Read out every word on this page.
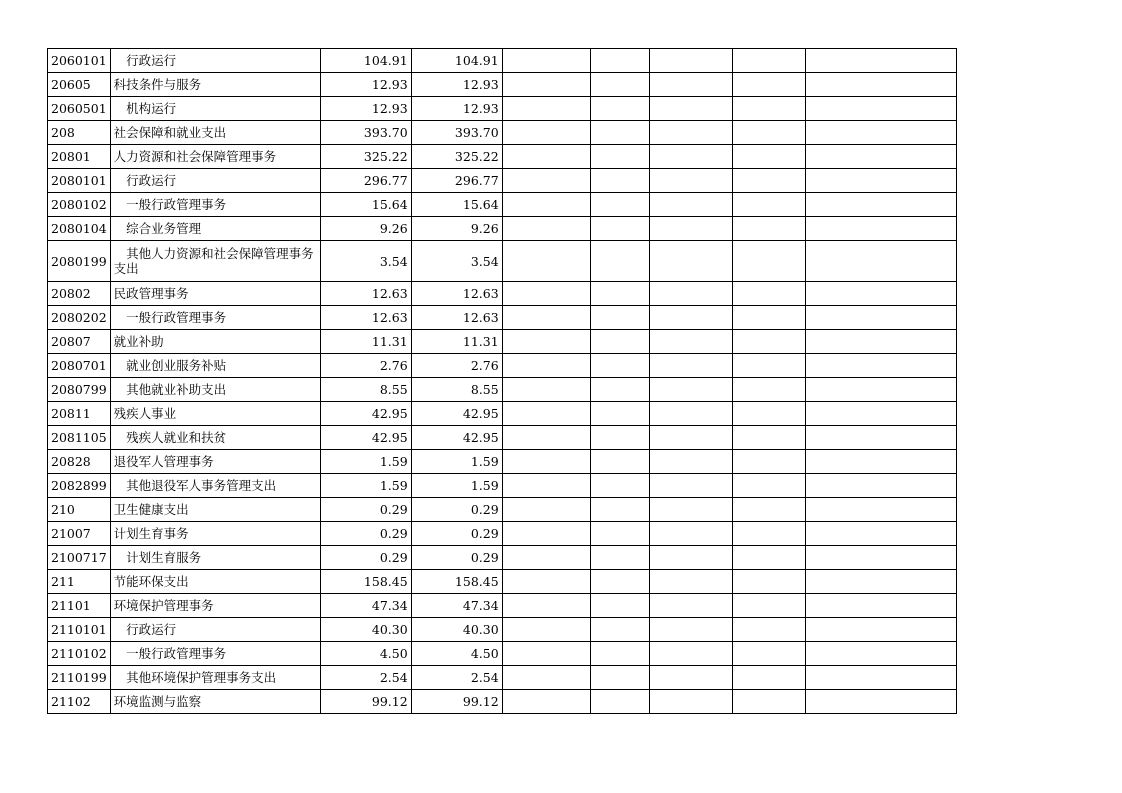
2060101	　行政运行	104.91	104.91					
20605	科技条件与服务	12.93	12.93					
2060501	　机构运行	12.93	12.93					
208	社会保障和就业支出	393.70	393.70					
20801	人力资源和社会保障管理事务	325.22	325.22					
2080101	　行政运行	296.77	296.77					
2080102	　一般行政管理事务	15.64	15.64					
2080104	　综合业务管理	9.26	9.26					
2080199	　其他人力资源和社会保障管理事务支出	3.54	3.54					
20802	民政管理事务	12.63	12.63					
2080202	　一般行政管理事务	12.63	12.63					
20807	就业补助	11.31	11.31					
2080701	　就业创业服务补贴	2.76	2.76					
2080799	　其他就业补助支出	8.55	8.55					
20811	残疾人事业	42.95	42.95					
2081105	　残疾人就业和扶贫	42.95	42.95					
20828	退役军人管理事务	1.59	1.59					
2082899	　其他退役军人事务管理支出	1.59	1.59					
210	卫生健康支出	0.29	0.29					
21007	计划生育事务	0.29	0.29					
2100717	　计划生育服务	0.29	0.29					
211	节能环保支出	158.45	158.45					
21101	环境保护管理事务	47.34	47.34					
2110101	　行政运行	40.30	40.30					
2110102	　一般行政管理事务	4.50	4.50					
2110199	　其他环境保护管理事务支出	2.54	2.54					
21102	环境监测与监察	99.12	99.12					
